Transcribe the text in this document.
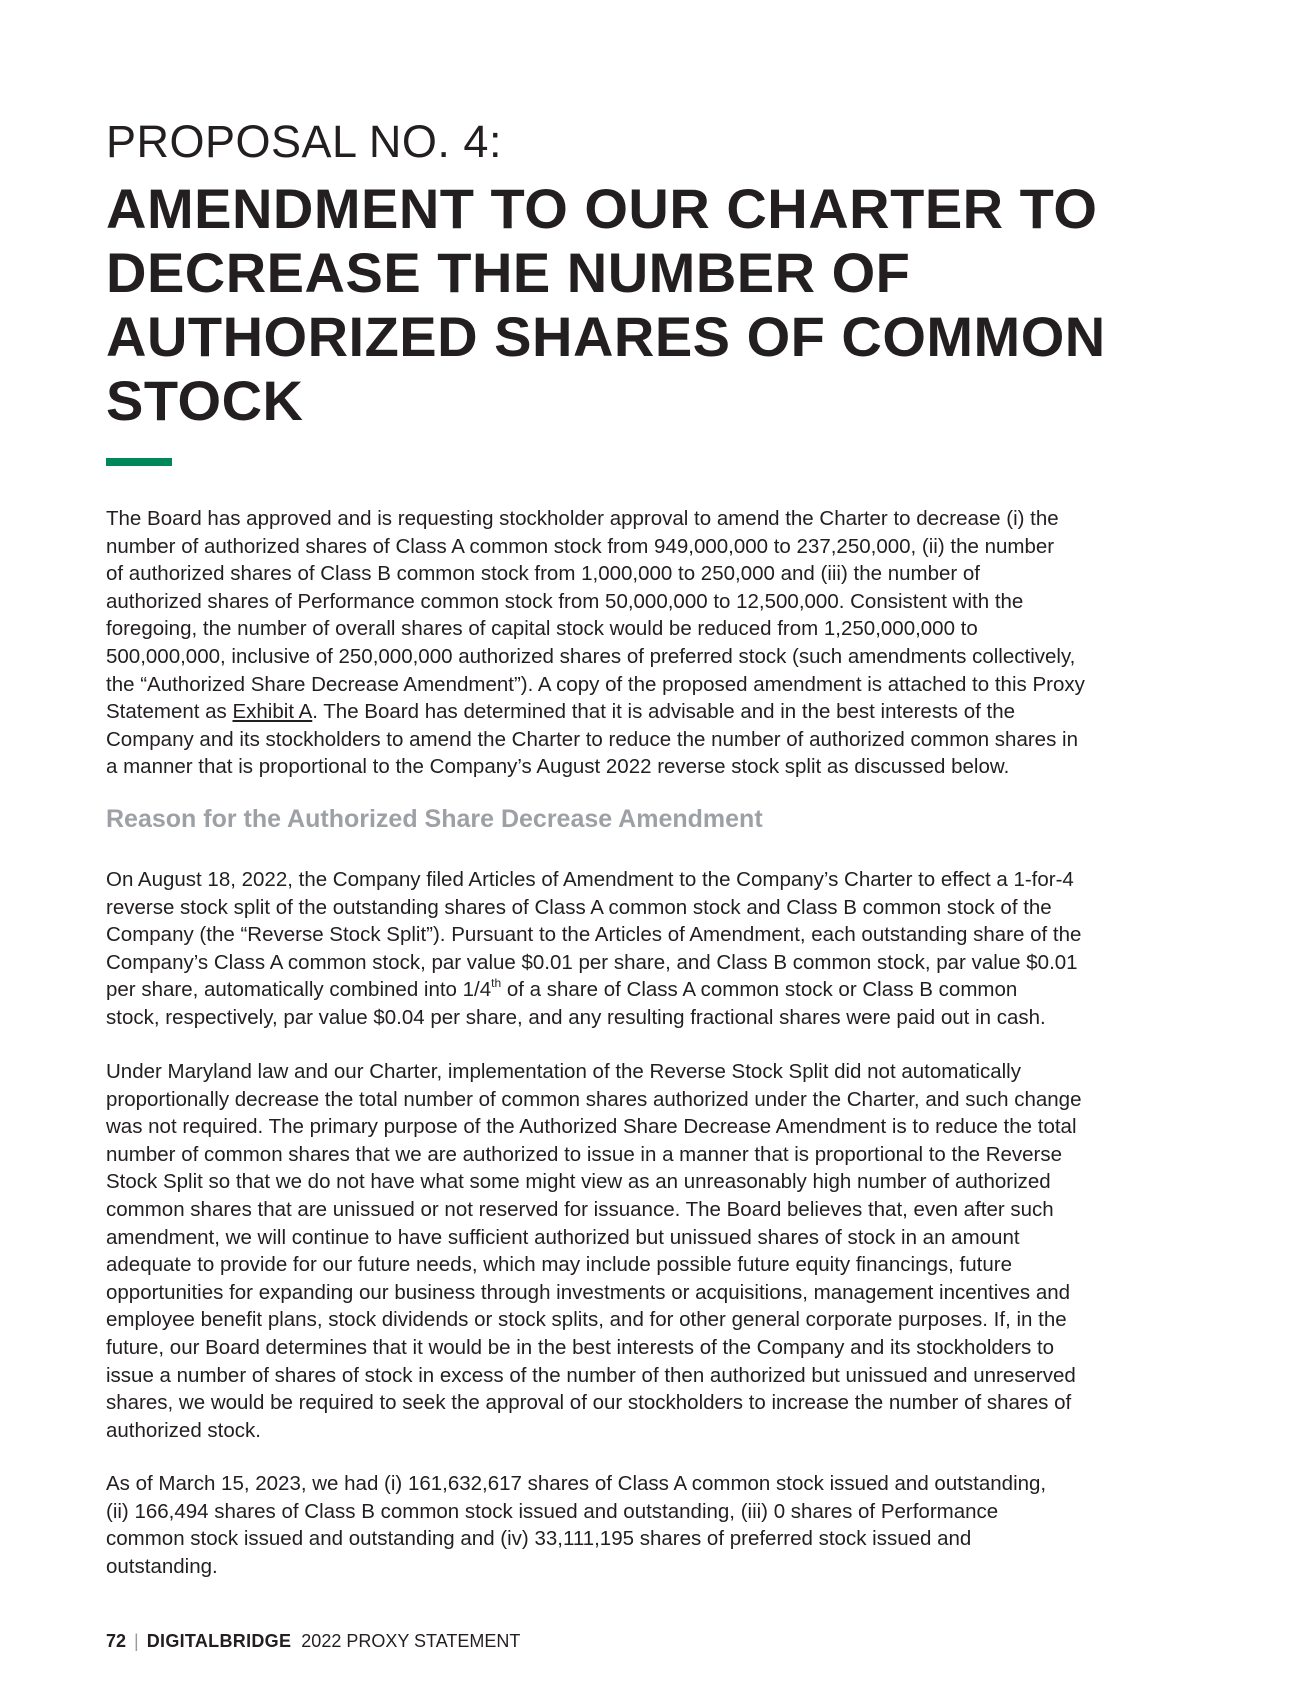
PROPOSAL NO. 4:
AMENDMENT TO OUR CHARTER TO
DECREASE THE NUMBER OF
AUTHORIZED SHARES OF COMMON
STOCK

The Board has approved and is requesting stockholder approval to amend the Charter to decrease (i) the
number of authorized shares of Class A common stock from 949,000,000 to 237,250,000, (ii) the number
of authorized shares of Class B common stock from 1,000,000 to 250,000 and (iii) the number of
authorized shares of Performance common stock from 50,000,000 to 12,500,000. Consistent with the
foregoing, the number of overall shares of capital stock would be reduced from 1,250,000,000 to
500,000,000, inclusive of 250,000,000 authorized shares of preferred stock (such amendments collectively,
the “Authorized Share Decrease Amendment”). A copy of the proposed amendment is attached to this Proxy
Statement as Exhibit A. The Board has determined that it is advisable and in the best interests of the
Company and its stockholders to amend the Charter to reduce the number of authorized common shares in
a manner that is proportional to the Company’s August 2022 reverse stock split as discussed below.

Reason for the Authorized Share Decrease Amendment

On August 18, 2022, the Company filed Articles of Amendment to the Company’s Charter to effect a 1-for-4
reverse stock split of the outstanding shares of Class A common stock and Class B common stock of the
Company (the “Reverse Stock Split”). Pursuant to the Articles of Amendment, each outstanding share of the
Company’s Class A common stock, par value $0.01 per share, and Class B common stock, par value $0.01
per share, automatically combined into 1/4th of a share of Class A common stock or Class B common
stock, respectively, par value $0.04 per share, and any resulting fractional shares were paid out in cash.

Under Maryland law and our Charter, implementation of the Reverse Stock Split did not automatically
proportionally decrease the total number of common shares authorized under the Charter, and such change
was not required. The primary purpose of the Authorized Share Decrease Amendment is to reduce the total
number of common shares that we are authorized to issue in a manner that is proportional to the Reverse
Stock Split so that we do not have what some might view as an unreasonably high number of authorized
common shares that are unissued or not reserved for issuance. The Board believes that, even after such
amendment, we will continue to have sufficient authorized but unissued shares of stock in an amount
adequate to provide for our future needs, which may include possible future equity financings, future
opportunities for expanding our business through investments or acquisitions, management incentives and
employee benefit plans, stock dividends or stock splits, and for other general corporate purposes. If, in the
future, our Board determines that it would be in the best interests of the Company and its stockholders to
issue a number of shares of stock in excess of the number of then authorized but unissued and unreserved
shares, we would be required to seek the approval of our stockholders to increase the number of shares of
authorized stock.

As of March 15, 2023, we had (i) 161,632,617 shares of Class A common stock issued and outstanding,
(ii) 166,494 shares of Class B common stock issued and outstanding, (iii) 0 shares of Performance
common stock issued and outstanding and (iv) 33,111,195 shares of preferred stock issued and
outstanding.

72 | DIGITALBRIDGE 2022 PROXY STATEMENT
